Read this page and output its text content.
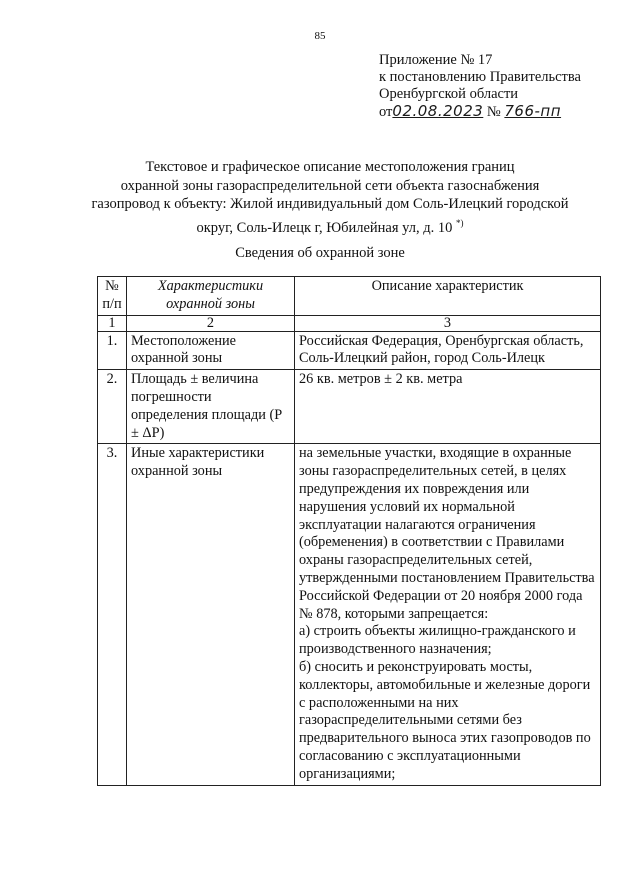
85
Приложение № 17
к постановлению Правительства
Оренбургской области
от02.08.2023 № 766-пп
Текстовое и графическое описание местоположения границ
охранной зоны газораспределительной сети объекта газоснабжения
газопровод к объекту: Жилой индивидуальный дом Соль-Илецкий городской
округ, Соль-Илецк г, Юбилейная ул, д. 10 *)
Сведения об охранной зоне
№ п/п	Характеристики охранной зоны	Описание характеристик
1	2	3
1.	Местоположение охранной зоны	Российская Федерация, Оренбургская область, Соль-Илецкий район, город Соль-Илецк

2.	Площадь ± величина погрешности определения площади (P ± ΔP)	26 кв. метров ± 2 кв. метра

3.	Иные характеристики охранной зоны	на земельные участки, входящие в охранные зоны газораспределительных сетей, в целях предупреждения их повреждения или нарушения условий их нормальной эксплуатации налагаются ограничения (обременения) в соответствии с Правилами охраны газораспределительных сетей, утвержденными постановлением Правительства Российской Федерации от 20 ноября 2000 года № 878, которыми запрещается:

а) строить объекты жилищно-гражданского и производственного назначения;

б) сносить и реконструировать мосты, коллекторы, автомобильные и железные дороги с расположенными на них газораспределительными сетями без предварительного выноса этих газопроводов по согласованию с эксплуатационными организациями;
